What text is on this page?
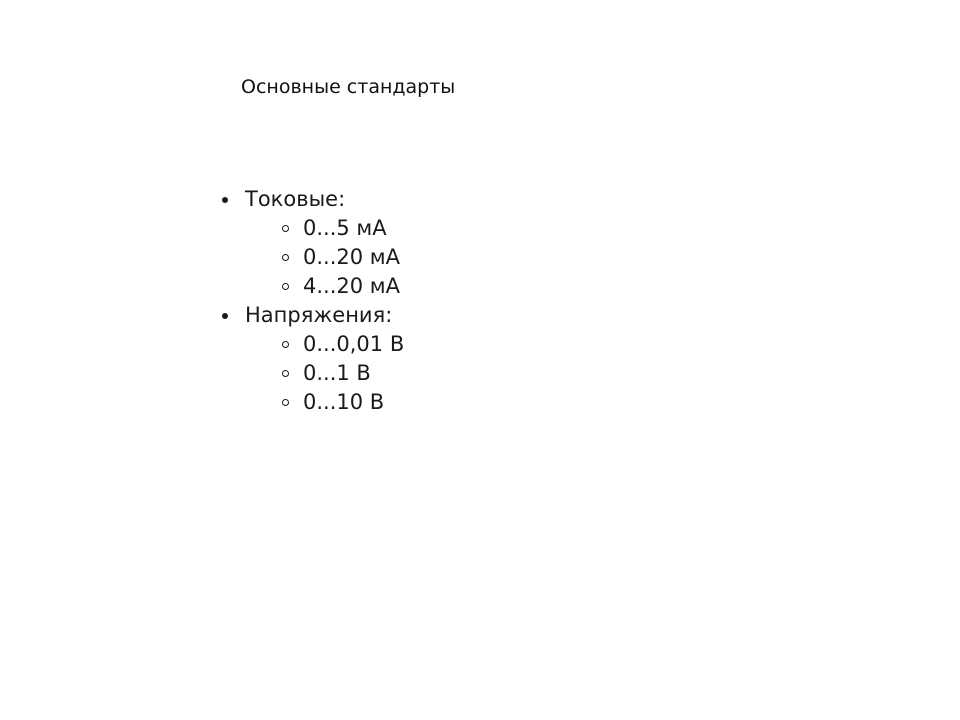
Основные стандарты
Токовые:
0...5 мА
0...20 мА
4...20 мА
Напряжения:
0...0,01 В
0...1 В
0...10 В
